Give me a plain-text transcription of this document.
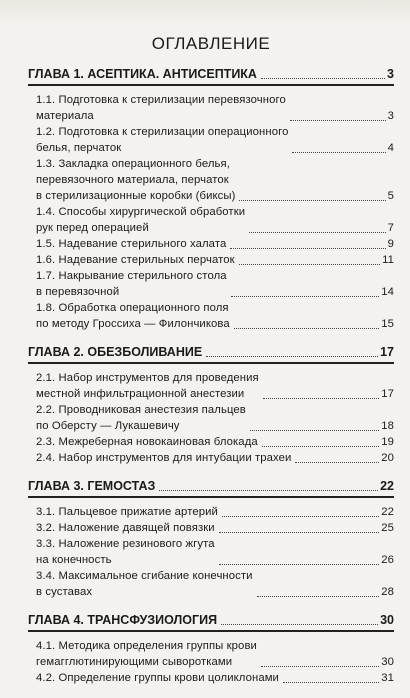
ОГЛАВЛЕНИЕ
ГЛАВА 1. АСЕПТИКА. АНТИСЕПТИКА	3
1.1. Подготовка к стерилизации перевязочного
материала	3
1.2. Подготовка к стерилизации операционного
белья, перчаток	4
1.3. Закладка операционного белья,
перевязочного материала, перчаток
в стерилизационные коробки (биксы)	5
1.4. Способы хирургической обработки
рук перед операцией	7
1.5. Надевание стерильного халата	9
1.6. Надевание стерильных перчаток	11
1.7. Накрывание стерильного стола
в перевязочной	14
1.8. Обработка операционного поля
по методу Гроссиха — Филончикова	15
ГЛАВА 2. ОБЕЗБОЛИВАНИЕ	17
2.1. Набор инструментов для проведения
местной инфильтрационной анестезии	17
2.2. Проводниковая анестезия пальцев
по Оберсту — Лукашевичу	18
2.3. Межреберная новокаиновая блокада	19
2.4. Набор инструментов для интубации трахеи	20
ГЛАВА 3. ГЕМОСТАЗ	22
3.1. Пальцевое прижатие артерий	22
3.2. Наложение давящей повязки	25
3.3. Наложение резинового жгута
на конечность	26
3.4. Максимальное сгибание конечности
в суставах	28
ГЛАВА 4. ТРАНСФУЗИОЛОГИЯ	30
4.1. Методика определения группы крови
гемагглютинирующими сыворотками	30
4.2. Определение группы крови цоликлонами	31
